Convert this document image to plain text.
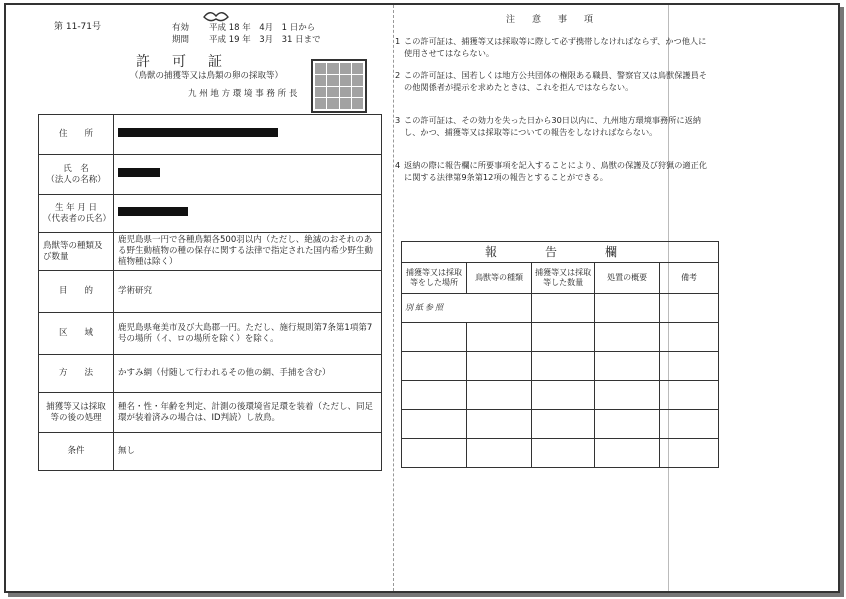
第 11-71号	有効 平成 18 年　4月　1 日から
期間 平成 19 年　3月　31 日まで
許　可　証
（鳥獣の捕獲等又は鳥類の卵の採取等）
九 州 地 方 環 境 事 務 所 長
住　　所	
氏　名
（法人の名称）	
生 年 月 日
（代表者の氏名）	
鳥獣等の種類及び数量	鹿児島県一円で各種鳥類各500羽以内（ただし、絶滅のおそれのある野生動植物の種の保存に関する法律で指定された国内希少野生動植物種は除く）
目　　的	学術研究
区　　域	鹿児島県奄美市及び大島郡一円。ただし、施行規則第7条第1項第7号の場所（イ、ロの場所を除く）を除く。
方　　法	かすみ網（付随して行われるその他の網、手捕を含む）
捕獲等又は採取等の後の処理	種名・性・年齢を判定、計測の後環境省足環を装着（ただし、同足環が装着済みの場合は、ID判読）し放鳥。
条件	無し
注　意　事　項
1 この許可証は、捕獲等又は採取等に際して必ず携帯しなければならず、かつ他人に使用させてはならない。
2 この許可証は、国若しくは地方公共団体の権限ある職員、警察官又は鳥獣保護員その他関係者が提示を求めたときは、これを拒んではならない。
3 この許可証は、その効力を失った日から30日以内に、九州地方環境事務所に返納し、かつ、捕獲等又は採取等についての報告をしなければならない。
4 返納の際に報告欄に所要事項を記入することにより、鳥獣の保護及び狩猟の適正化に関する法律第9条第12項の報告とすることができる。
報　告　欄				
捕獲等又は採取等をした場所	鳥獣等の種類	捕獲等又は採取等した数量	処置の概要	備考
別紙参照				
